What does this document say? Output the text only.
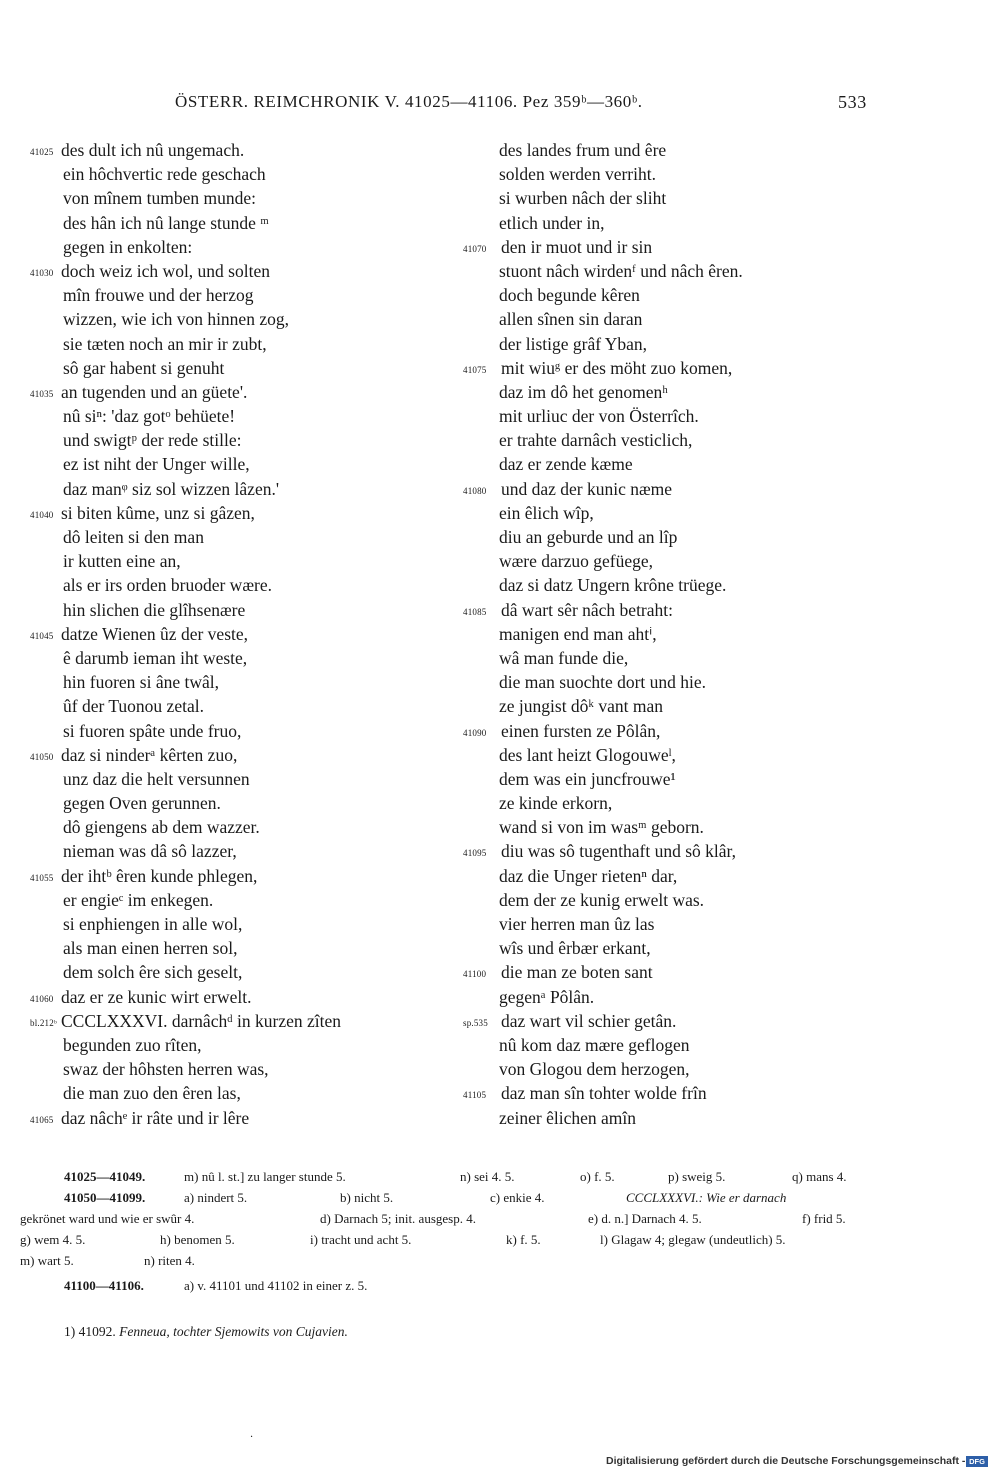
ÖSTERR. REIMCHRONIK V. 41025—41106. Pez 359ᵇ—360ᵇ.	533
41025 des dult ich nû ungemach.
ein hôchvertic rede geschach
von mînem tumben munde:
des hân ich nû lange stunde ᵐ
gegen in enkolten:
41030 doch weiz ich wol, und solten
mîn frouwe und der herzog
wizzen, wie ich von hinnen zog,
sie tæten noch an mir ir zubt,
sô gar habent si genuht
41035 an tugenden und an güete'.
nû siⁿ: 'daz gotᵒ behüete!
und swigtᵖ der rede stille:
ez ist niht der Unger wille,
daz manᵠ siz sol wizzen lâzen.'
41040 si biten kûme, unz si gâzen,
dô leiten si den man
ir kutten eine an,
als er irs orden bruoder wære.
hin slichen die glîhsenære
41045 datze Wienen ûz der veste,
ê darumb ieman iht weste,
hin fuoren si âne twâl,
ûf der Tuonou zetal.
si fuoren spâte unde fruo,
41050 daz si ninderᵃ kêrten zuo,
unz daz die helt versunnen
gegen Oven gerunnen.
dô giengens ab dem wazzer.
nieman was dâ sô lazzer,
41055 der ihtᵇ êren kunde phlegen,
er engieᶜ im enkegen.
si enphiengen in alle wol,
als man einen herren sol,
dem solch êre sich geselt,
41060 daz er ze kunic wirt erwelt.
bl.212ᵇ CCCLXXXVI. darnâchᵈ in kurzen zîten
begunden zuo rîten,
swaz der hôhsten herren was,
die man zuo den êren las,
41065 daz nâchᵉ ir râte und ir lêre
des landes frum und êre
solden werden verriht.
si wurben nâch der sliht
etlich under in,
41070 den ir muot und ir sin
stuont nâch wirdenᶠ und nâch êren.
doch begunde kêren
allen sînen sin daran
der listige grâf Yban,
41075 mit wiuᵍ er des möht zuo komen,
daz im dô het genomenʰ
mit urliuc der von Österrîch.
er trahte darnâch vesticlich,
daz er zende kæme
41080 und daz der kunic næme
ein êlich wîp,
diu an geburde und an lîp
wære darzuo gefüege,
daz si datz Ungern krône trüege.
41085 dâ wart sêr nâch betraht:
manigen end man ahtⁱ,
wâ man funde die,
die man suochte dort und hie.
ze jungist dôᵏ vant man
41090 einen fursten ze Pôlân,
des lant heizt Glogouweˡ,
dem was ein juncfrouwe¹
ze kinde erkorn,
wand si von im wasᵐ geborn.
41095 diu was sô tugenthaft und sô klâr,
daz die Unger rietenⁿ dar,
dem der ze kunig erwelt was.
vier herren man ûz las
wîs und êrbær erkant,
41100 die man ze boten sant
gegenᵃ Pôlân.
sp.535 daz wart vil schier getân.
nû kom daz mære geflogen
von Glogou dem herzogen,
41105 daz man sîn tohter wolde frîn
zeiner êlichen amîn
41025—41049.	m) nû l. st.] zu langer stunde 5.	n) sei 4. 5.	o) f. 5.	p) sweig 5.	q) mans 4.
41050—41099.	a) nindert 5.	b) nicht 5.	c) enkie 4.	CCCLXXXVI.: Wie er darnach
gekrönet ward und wie er swûr 4.	d) Darnach 5; init. ausgesp. 4.	e) d. n.] Darnach 4. 5.	f) frid 5.
g) wem 4. 5.	h) benomen 5.	i) tracht und acht 5.	k) f. 5.	l) Glagaw 4; glegaw (undeutlich) 5.
m) wart 5.	n) riten 4.
41100—41106.	a) v. 41101 und 41102 in einer z. 5.
1) 41092. Fenneua, tochter Sjemowits von Cujavien.
·
Digitalisierung gefördert durch die Deutsche Forschungsgemeinschaft - DFG
